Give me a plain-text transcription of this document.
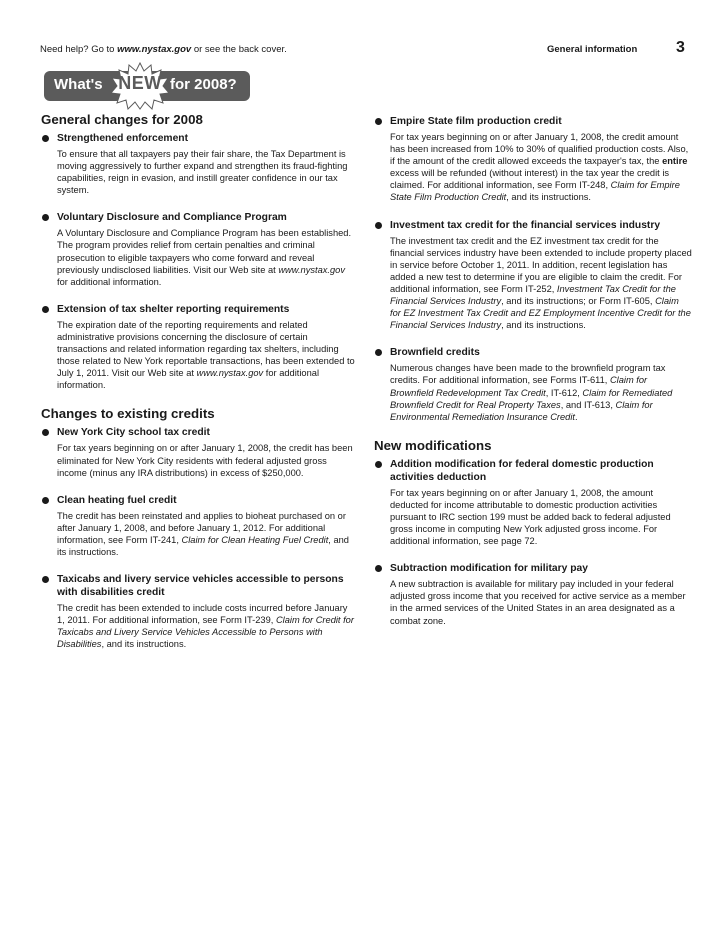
Need help? Go to www.nystax.gov or see the back cover.	General information 3
What's	for 2008?
NEW
General changes for 2008
Strengthened enforcement
To ensure that all taxpayers pay their fair share, the Tax Department is moving aggressively to further expand and strengthen its fraud-fighting capabilities, reign in evasion, and instill greater confidence in our tax system.
Voluntary Disclosure and Compliance Program
A Voluntary Disclosure and Compliance Program has been established. The program provides relief from certain penalties and criminal prosecution to eligible taxpayers who come forward and reveal previously undisclosed liabilities. Visit our Web site at www.nystax.gov for additional information.
Extension of tax shelter reporting requirements
The expiration date of the reporting requirements and related administrative provisions concerning the disclosure of certain transactions and related information regarding tax shelters, including those related to New York reportable transactions, has been extended to July 1, 2011. Visit our Web site at www.nystax.gov for additional information.
Changes to existing credits
New York City school tax credit
For tax years beginning on or after January 1, 2008, the credit has been eliminated for New York City residents with federal adjusted gross income (minus any IRA distributions) in excess of $250,000.
Clean heating fuel credit
The credit has been reinstated and applies to bioheat purchased on or after January 1, 2008, and before January 1, 2012. For additional information, see Form IT-241, Claim for Clean Heating Fuel Credit, and its instructions.
Taxicabs and livery service vehicles accessible to persons with disabilities credit
The credit has been extended to include costs incurred before January 1, 2011. For additional information, see Form IT-239, Claim for Credit for Taxicabs and Livery Service Vehicles Accessible to Persons with Disabilities, and its instructions.
Empire State film production credit
For tax years beginning on or after January 1, 2008, the credit amount has been increased from 10% to 30% of qualified production costs. Also, if the amount of the credit allowed exceeds the taxpayer's tax, the entire excess will be refunded (without interest) in the tax year the credit is claimed. For additional information, see Form IT-248, Claim for Empire State Film Production Credit, and its instructions.
Investment tax credit for the financial services industry
The investment tax credit and the EZ investment tax credit for the financial services industry have been extended to include property placed in service before October 1, 2011. In addition, recent legislation has added a new test to determine if you are eligible to claim the credit. For additional information, see Form IT-252, Investment Tax Credit for the Financial Services Industry, and its instructions; or Form IT-605, Claim for EZ Investment Tax Credit and EZ Employment Incentive Credit for the Financial Services Industry, and its instructions.
Brownfield credits
Numerous changes have been made to the brownfield program tax credits. For additional information, see Forms IT-611, Claim for Brownfield Redevelopment Tax Credit, IT-612, Claim for Remediated Brownfield Credit for Real Property Taxes, and IT-613, Claim for Environmental Remediation Insurance Credit.
New modifications
Addition modification for federal domestic production activities deduction
For tax years beginning on or after January 1, 2008, the amount deducted for income attributable to domestic production activities pursuant to IRC section 199 must be added back to federal adjusted gross income in computing New York adjusted gross income. For additional information, see page 72.
Subtraction modification for military pay
A new subtraction is available for military pay included in your federal adjusted gross income that you received for active service as a member in the armed services of the United States in an area designated as a combat zone.
